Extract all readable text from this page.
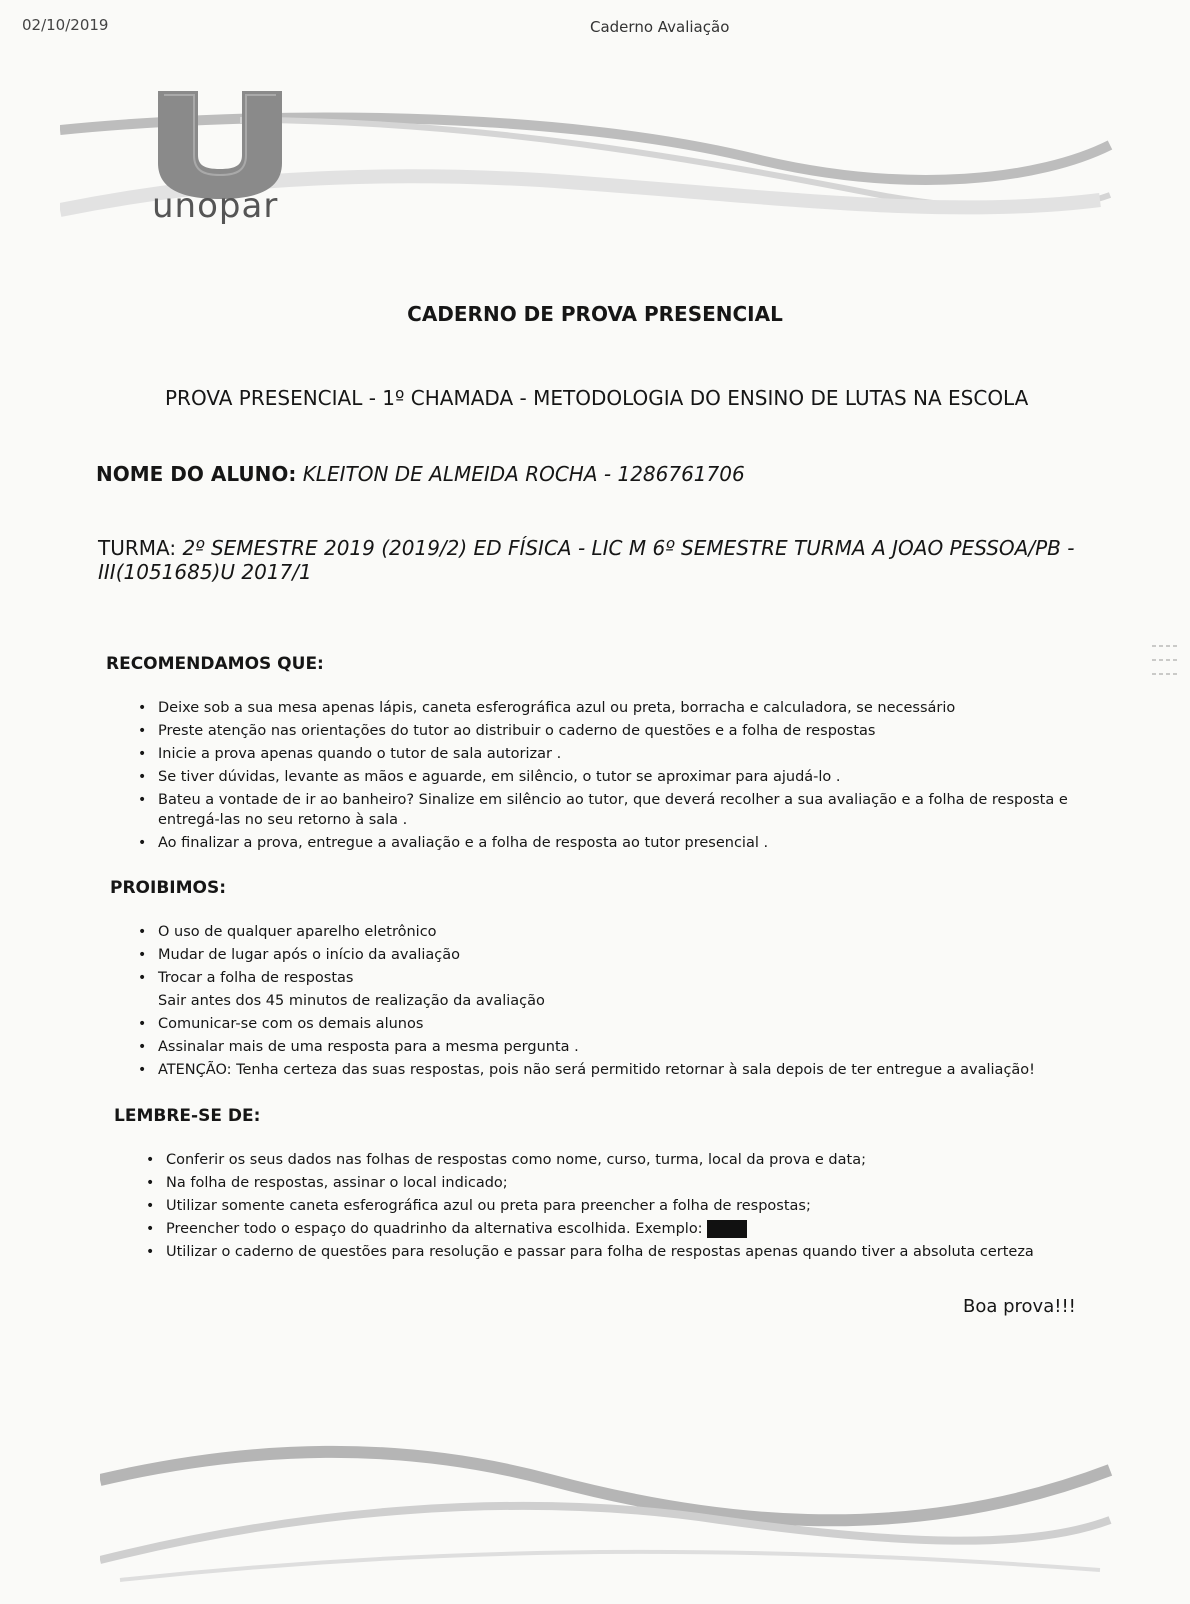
02/10/2019	Caderno Avaliação
unopar
CADERNO DE PROVA PRESENCIAL
PROVA PRESENCIAL - 1º CHAMADA - METODOLOGIA DO ENSINO DE LUTAS NA ESCOLA
NOME DO ALUNO: KLEITON DE ALMEIDA ROCHA - 1286761706
TURMA: 2º SEMESTRE 2019 (2019/2) ED FÍSICA - LIC M 6º SEMESTRE TURMA A JOAO PESSOA/PB - III(1051685)U 2017/1
RECOMENDAMOS QUE:
• Deixe sob a sua mesa apenas lápis, caneta esferográfica azul ou preta, borracha e calculadora, se necessário
• Preste atenção nas orientações do tutor ao distribuir o caderno de questões e a folha de respostas
• Inicie a prova apenas quando o tutor de sala autorizar .
• Se tiver dúvidas, levante as mãos e aguarde, em silêncio, o tutor se aproximar para ajudá-lo .
• Bateu a vontade de ir ao banheiro? Sinalize em silêncio ao tutor, que deverá recolher a sua avaliação e a folha de resposta e entregá-las no seu retorno à sala .
• Ao finalizar a prova, entregue a avaliação e a folha de resposta ao tutor presencial .
PROIBIMOS:
• O uso de qualquer aparelho eletrônico
• Mudar de lugar após o início da avaliação
• Trocar a folha de respostas
Sair antes dos 45 minutos de realização da avaliação
• Comunicar-se com os demais alunos
• Assinalar mais de uma resposta para a mesma pergunta .
• ATENÇÃO: Tenha certeza das suas respostas, pois não será permitido retornar à sala depois de ter entregue a avaliação!
LEMBRE-SE DE:
• Conferir os seus dados nas folhas de respostas como nome, curso, turma, local da prova e data;
• Na folha de respostas, assinar o local indicado;
• Utilizar somente caneta esferográfica azul ou preta para preencher a folha de respostas;
• Preencher todo o espaço do quadrinho da alternativa escolhida. Exemplo:
• Utilizar o caderno de questões para resolução e passar para folha de respostas apenas quando tiver a absoluta certeza
Boa prova!!!
